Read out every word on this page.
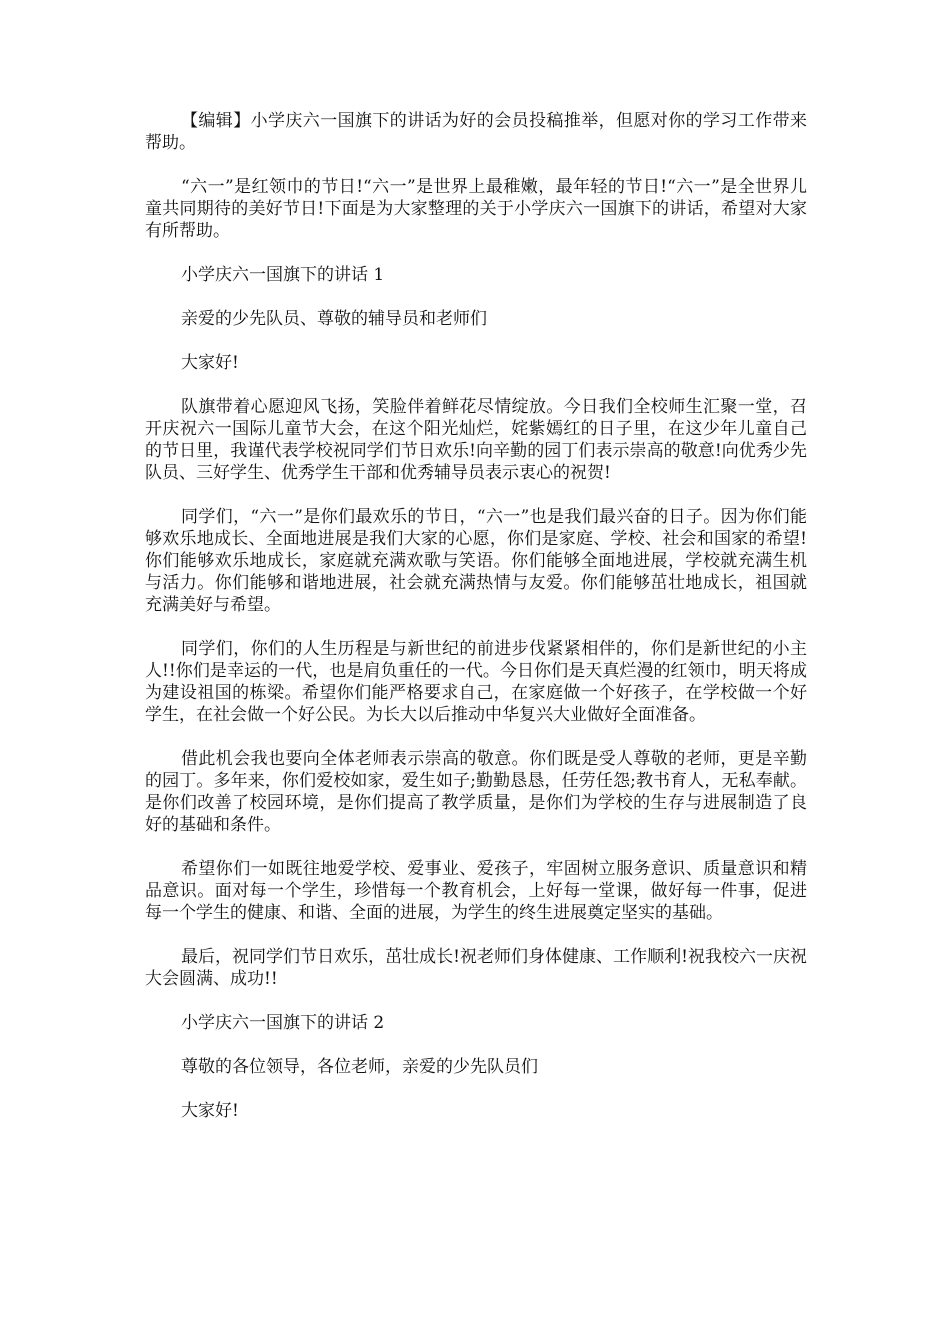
【编辑】小学庆六一国旗下的讲话为好的会员投稿推举，但愿对你的学习工作带来帮助。

“六一”是红领巾的节日!“六一”是世界上最稚嫩，最年轻的节日!“六一”是全世界儿童共同期待的美好节日!下面是为大家整理的关于小学庆六一国旗下的讲话，希望对大家有所帮助。

小学庆六一国旗下的讲话 1

亲爱的少先队员、尊敬的辅导员和老师们

大家好!

队旗带着心愿迎风飞扬，笑脸伴着鲜花尽情绽放。今日我们全校师生汇聚一堂，召开庆祝六一国际儿童节大会，在这个阳光灿烂，姹紫嫣红的日子里，在这少年儿童自己的节日里，我谨代表学校祝同学们节日欢乐!向辛勤的园丁们表示崇高的敬意!向优秀少先队员、三好学生、优秀学生干部和优秀辅导员表示衷心的祝贺!

同学们，“六一”是你们最欢乐的节日，“六一”也是我们最兴奋的日子。因为你们能够欢乐地成长、全面地进展是我们大家的心愿，你们是家庭、学校、社会和国家的希望!你们能够欢乐地成长，家庭就充满欢歌与笑语。你们能够全面地进展，学校就充满生机与活力。你们能够和谐地进展，社会就充满热情与友爱。你们能够茁壮地成长，祖国就充满美好与希望。

同学们，你们的人生历程是与新世纪的前进步伐紧紧相伴的，你们是新世纪的小主人!!你们是幸运的一代，也是肩负重任的一代。今日你们是天真烂漫的红领巾，明天将成为建设祖国的栋梁。希望你们能严格要求自己，在家庭做一个好孩子，在学校做一个好学生，在社会做一个好公民。为长大以后推动中华复兴大业做好全面准备。

借此机会我也要向全体老师表示崇高的敬意。你们既是受人尊敬的老师，更是辛勤的园丁。多年来，你们爱校如家，爱生如子;勤勤恳恳，任劳任怨;教书育人，无私奉献。是你们改善了校园环境，是你们提高了教学质量，是你们为学校的生存与进展制造了良好的基础和条件。

希望你们一如既往地爱学校、爱事业、爱孩子，牢固树立服务意识、质量意识和精品意识。面对每一个学生，珍惜每一个教育机会，上好每一堂课，做好每一件事，促进每一个学生的健康、和谐、全面的进展，为学生的终生进展奠定坚实的基础。

最后，祝同学们节日欢乐，茁壮成长!祝老师们身体健康、工作顺利!祝我校六一庆祝大会圆满、成功!!

小学庆六一国旗下的讲话 2

尊敬的各位领导，各位老师，亲爱的少先队员们

大家好!
